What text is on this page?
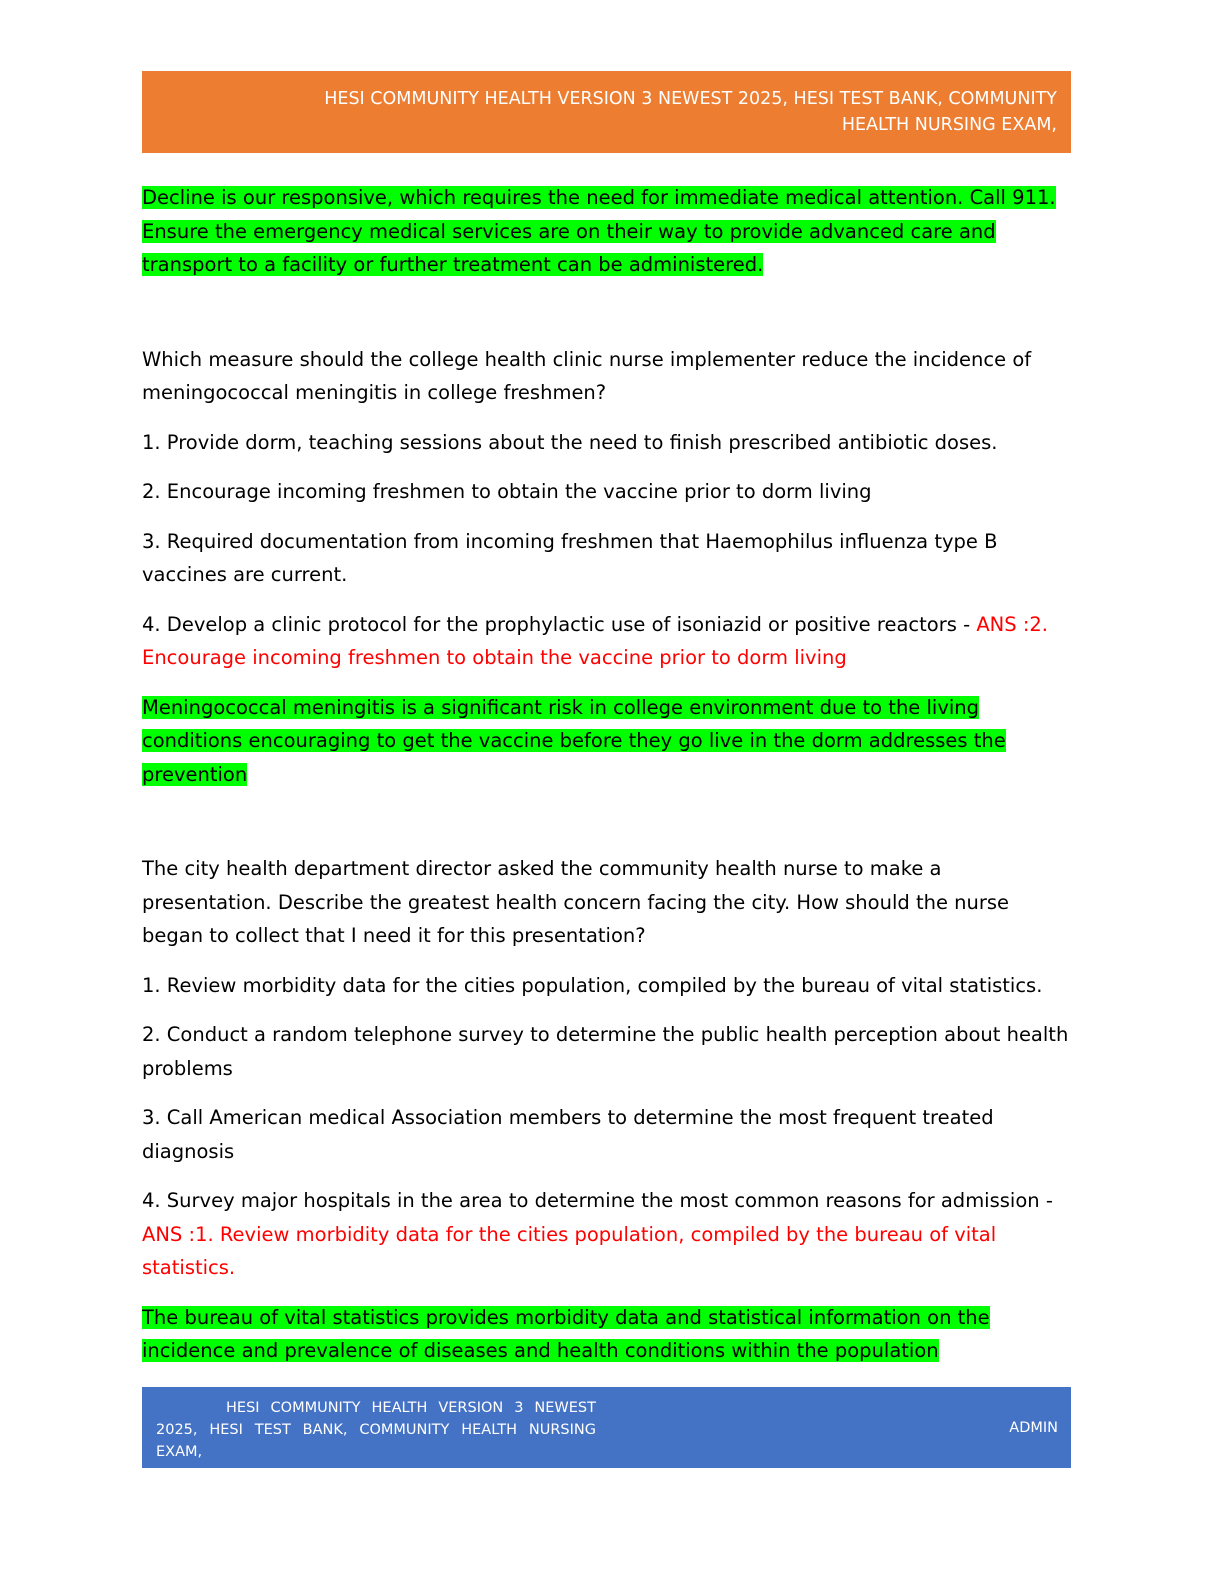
HESI COMMUNITY HEALTH VERSION 3 NEWEST 2025, HESI TEST BANK, COMMUNITY
HEALTH NURSING EXAM,

Decline is our responsive, which requires the need for immediate medical attention. Call 911.
Ensure the emergency medical services are on their way to provide advanced care and
transport to a facility or further treatment can be administered.

Which measure should the college health clinic nurse implementer reduce the incidence of meningococcal meningitis in college freshmen?

1. Provide dorm, teaching sessions about the need to finish prescribed antibiotic doses.

2. Encourage incoming freshmen to obtain the vaccine prior to dorm living

3. Required documentation from incoming freshmen that Haemophilus influenza type B vaccines are current.

4. Develop a clinic protocol for the prophylactic use of isoniazid or positive reactors - ANS :2. Encourage incoming freshmen to obtain the vaccine prior to dorm living

Meningococcal meningitis is a significant risk in college environment due to the living
conditions encouraging to get the vaccine before they go live in the dorm addresses the
prevention

The city health department director asked the community health nurse to make a presentation. Describe the greatest health concern facing the city. How should the nurse began to collect that I need it for this presentation?

1. Review morbidity data for the cities population, compiled by the bureau of vital statistics.

2. Conduct a random telephone survey to determine the public health perception about health problems

3. Call American medical Association members to determine the most frequent treated diagnosis

4. Survey major hospitals in the area to determine the most common reasons for admission - ANS :1. Review morbidity data for the cities population, compiled by the bureau of vital statistics.

The bureau of vital statistics provides morbidity data and statistical information on the
incidence and prevalence of diseases and health conditions within the population

HESI COMMUNITY HEALTH VERSION 3 NEWEST 2025, HESI TEST BANK, COMMUNITY HEALTH NURSING EXAM,
ADMIN
